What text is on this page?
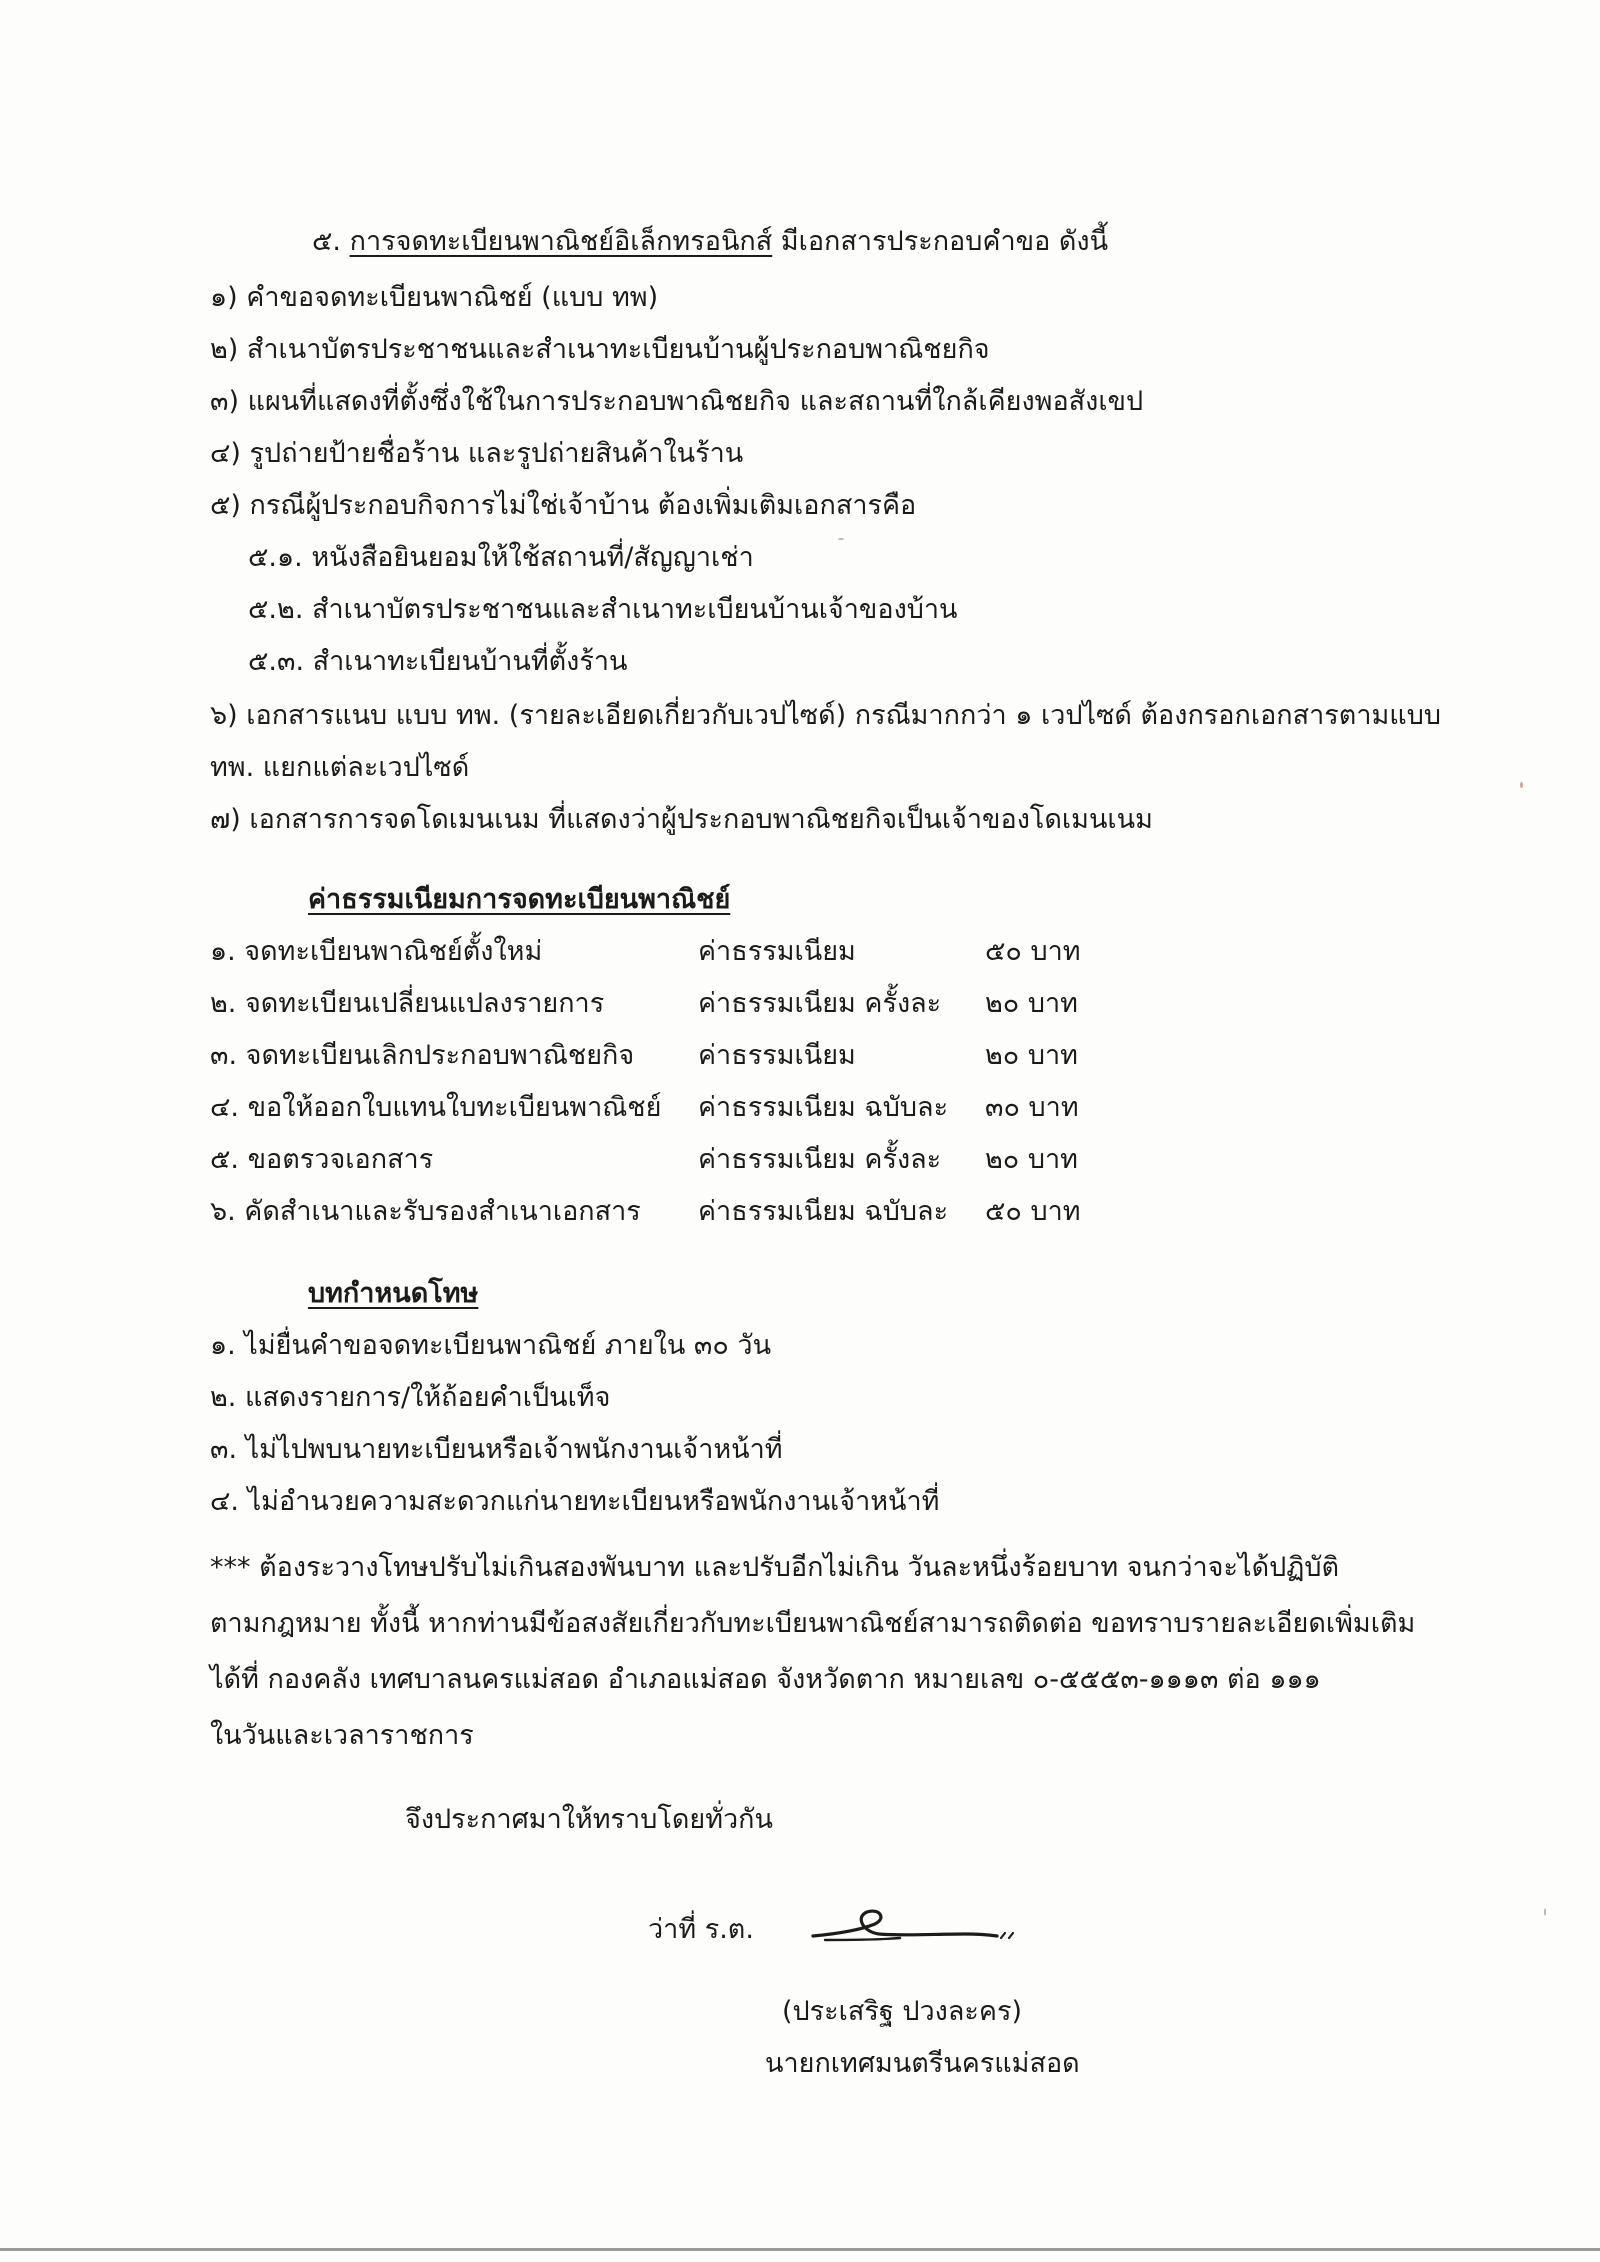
๕. การจดทะเบียนพาณิชย์อิเล็กทรอนิกส์ มีเอกสารประกอบคำขอ ดังนี้
๑) คำขอจดทะเบียนพาณิชย์ (แบบ ทพ)
๒) สำเนาบัตรประชาชนและสำเนาทะเบียนบ้านผู้ประกอบพาณิชยกิจ
๓) แผนที่แสดงที่ตั้งซึ่งใช้ในการประกอบพาณิชยกิจ และสถานที่ใกล้เคียงพอสังเขป
๔) รูปถ่ายป้ายชื่อร้าน และรูปถ่ายสินค้าในร้าน
๕) กรณีผู้ประกอบกิจการไม่ใช่เจ้าบ้าน ต้องเพิ่มเติมเอกสารคือ
๕.๑. หนังสือยินยอมให้ใช้สถานที่/สัญญาเช่า
๕.๒. สำเนาบัตรประชาชนและสำเนาทะเบียนบ้านเจ้าของบ้าน
๕.๓. สำเนาทะเบียนบ้านที่ตั้งร้าน
๖) เอกสารแนบ แบบ ทพ. (รายละเอียดเกี่ยวกับเวปไซด์) กรณีมากกว่า ๑ เวปไซด์ ต้องกรอกเอกสารตามแบบ
ทพ. แยกแต่ละเวปไซด์
๗) เอกสารการจดโดเมนเนม ที่แสดงว่าผู้ประกอบพาณิชยกิจเป็นเจ้าของโดเมนเนม
ค่าธรรมเนียมการจดทะเบียนพาณิชย์
๑. จดทะเบียนพาณิชย์ตั้งใหม่	ค่าธรรมเนียม	๕๐ บาท
๒. จดทะเบียนเปลี่ยนแปลงรายการ	ค่าธรรมเนียม ครั้งละ ๒๐ บาท
๓. จดทะเบียนเลิกประกอบพาณิชยกิจ ค่าธรรมเนียม	๒๐ บาท
๔. ขอให้ออกใบแทนใบทะเบียนพาณิชย์ ค่าธรรมเนียม ฉบับละ ๓๐ บาท
๕. ขอตรวจเอกสาร	ค่าธรรมเนียม ครั้งละ ๒๐ บาท
๖. คัดสำเนาและรับรองสำเนาเอกสาร ค่าธรรมเนียม ฉบับละ ๕๐ บาท
บทกำหนดโทษ
๑. ไม่ยื่นคำขอจดทะเบียนพาณิชย์ ภายใน ๓๐ วัน
๒. แสดงรายการ/ให้ถ้อยคำเป็นเท็จ
๓. ไม่ไปพบนายทะเบียนหรือเจ้าพนักงานเจ้าหน้าที่
๔. ไม่อำนวยความสะดวกแก่นายทะเบียนหรือพนักงานเจ้าหน้าที่
*** ต้องระวางโทษปรับไม่เกินสองพันบาท และปรับอีกไม่เกิน วันละหนึ่งร้อยบาท จนกว่าจะได้ปฏิบัติ
ตามกฎหมาย ทั้งนี้ หากท่านมีข้อสงสัยเกี่ยวกับทะเบียนพาณิชย์สามารถติดต่อ ขอทราบรายละเอียดเพิ่มเติม
ได้ที่ กองคลัง เทศบาลนครแม่สอด อำเภอแม่สอด จังหวัดตาก หมายเลข ๐-๕๕๕๓-๑๑๑๓ ต่อ ๑๑๑
ในวันและเวลาราชการ
จึงประกาศมาให้ทราบโดยทั่วกัน
ว่าที่ ร.ต.
(ประเสริฐ ปวงละคร)
นายกเทศมนตรีนครแม่สอด
